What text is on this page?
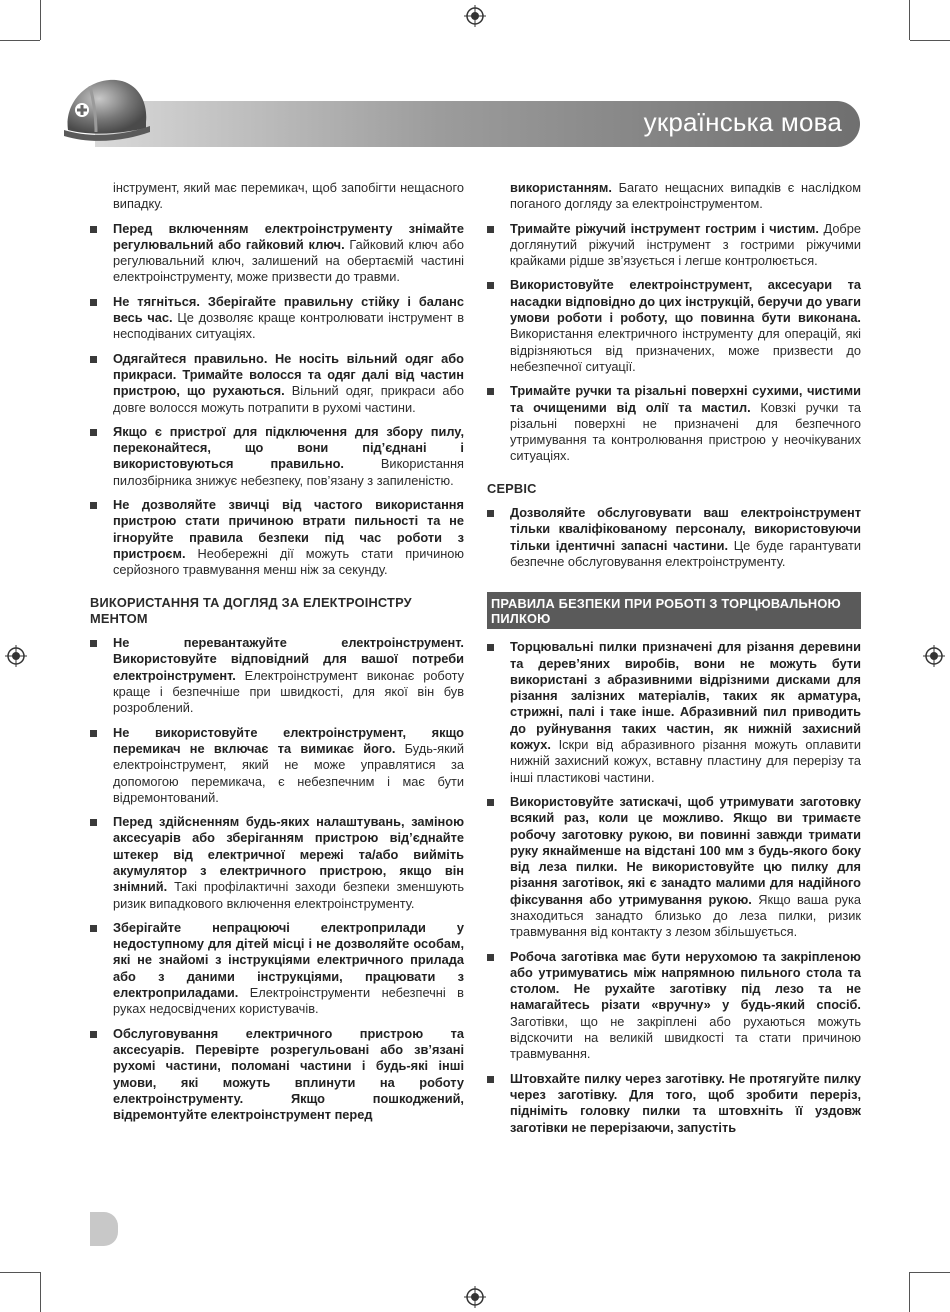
українська мова

інструмент, який має перемикач, щоб запобігти нещасного випадку.

Перед включенням електроінструменту знімайте регулювальний або гайковий ключ. Гайковий ключ або регулювальний ключ, залишений на обертаємій частині електроінструменту, може призвести до травми.
Не тягніться. Зберігайте правильну стійку і баланс весь час. Це дозволяє краще контролювати інструмент в несподіваних ситуаціях.
Одягайтеся правильно. Не носіть вільний одяг або прикраси. Тримайте волосся та одяг далі від частин пристрою, що рухаються. Вільний одяг, прикраси або довге волосся можуть потрапити в рухомі частини.
Якщо є пристрої для підключення для збору пилу, переконайтеся, що вони під’єднані і використовуються правильно. Використання пилозбірника знижує небезпеку, пов’язану з запиленістю.
Не дозволяйте звичці від частого використання пристрою стати причиною втрати пильності та не ігноруйте правила безпеки під час роботи з пристроєм. Необережні дії можуть стати причиною серйозного травмування менш ніж за секунду.
ВИКОРИСТАННЯ ТА ДОГЛЯД ЗА ЕЛЕКТРОІНСТРУ МЕНТОМ
Не перевантажуйте електроінструмент. Використовуйте відповідний для вашої потреби електроінструмент. Електроінструмент виконає роботу краще і безпечніше при швидкості, для якої він був розроблений.
Не використовуйте електроінструмент, якщо перемикач не включає та вимикає його. Будь-який електроінструмент, який не може управлятися за допомогою перемикача, є небезпечним і має бути відремонтований.
Перед здійсненням будь-яких налаштувань, заміною аксесуарів або зберіганням пристрою від’єднайте штекер від електричної мережі та/або вийміть акумулятор з електричного пристрою, якщо він знімний. Такі профілактичні заходи безпеки зменшують ризик випадкового включення електроінструменту.
Зберігайте непрацюючі електроприлади у недоступному для дітей місці і не дозволяйте особам, які не знайомі з інструкціями електричного прилада або з даними інструкціями, працювати з електроприладами. Електроінструменти небезпечні в руках недосвідчених користувачів.
Обслуговування електричного пристрою та аксесуарів. Перевірте розрегульовані або зв’язані рухомі частини, поломані частини і будь-які інші умови, які можуть вплинути на роботу електроінструменту. Якщо пошкоджений, відремонтуйте електроінструмент перед

використанням. Багато нещасних випадків є наслідком поганого догляду за електроінструментом.

Тримайте ріжучий інструмент гострим і чистим. Добре доглянутий ріжучий інструмент з гострими ріжучими крайками рідше зв’язується і легше контролюється.
Використовуйте електроінструмент, аксесуари та насадки відповідно до цих інструкцій, беручи до уваги умови роботи і роботу, що повинна бути виконана. Використання електричного інструменту для операцій, які відрізняються від призначених, може призвести до небезпечної ситуації.
Тримайте ручки та різальні поверхні сухими, чистими та очищеними від олії та мастил. Ковзкі ручки та різальні поверхні не призначені для безпечного утримування та контролювання пристрою у неочікуваних ситуаціях.
СЕРВІС
Дозволяйте обслуговувати ваш електроінструмент тільки кваліфікованому персоналу, використовуючи тільки ідентичні запасні частини. Це буде гарантувати безпечне обслуговування електроінструменту.
ПРАВИЛА БЕЗПЕКИ ПРИ РОБОТІ З ТОРЦЮВАЛЬНОЮ ПИЛКОЮ
Торцювальні пилки призначені для різання деревини та дерев’яних виробів, вони не можуть бути використані з абразивними відрізними дисками для різання залізних матеріалів, таких як арматура, стрижні, палі і таке інше. Абразивний пил приводить до руйнування таких частин, як нижній захисний кожух. Іскри від абразивного різання можуть оплавити нижній захисний кожух, вставну пластину для перерізу та інші пластикові частини.
Використовуйте затискачі, щоб утримувати заготовку всякий раз, коли це можливо. Якщо ви тримаєте робочу заготовку рукою, ви повинні завжди тримати руку якнайменше на відстані 100 мм з будь-якого боку від леза пилки. Не використовуйте цю пилку для різання заготівок, які є занадто малими для надійного фіксування або утримування рукою. Якщо ваша рука знаходиться занадто близько до леза пилки, ризик травмування від контакту з лезом збільшується.
Робоча заготівка має бути нерухомою та закріпленою або утримуватись між напрямною пильного стола та столом. Не рухайте заготівку під лезо та не намагайтесь різати «вручну» у будь-який спосіб. Заготівки, що не закріплені або рухаються можуть відскочити на великій швидкості та стати причиною травмування.
Штовхайте пилку через заготівку. Не протягуйте пилку через заготівку. Для того, щоб зробити переріз, підніміть головку пилки та штовхніть її уздовж заготівки не перерізаючи, запустіть
